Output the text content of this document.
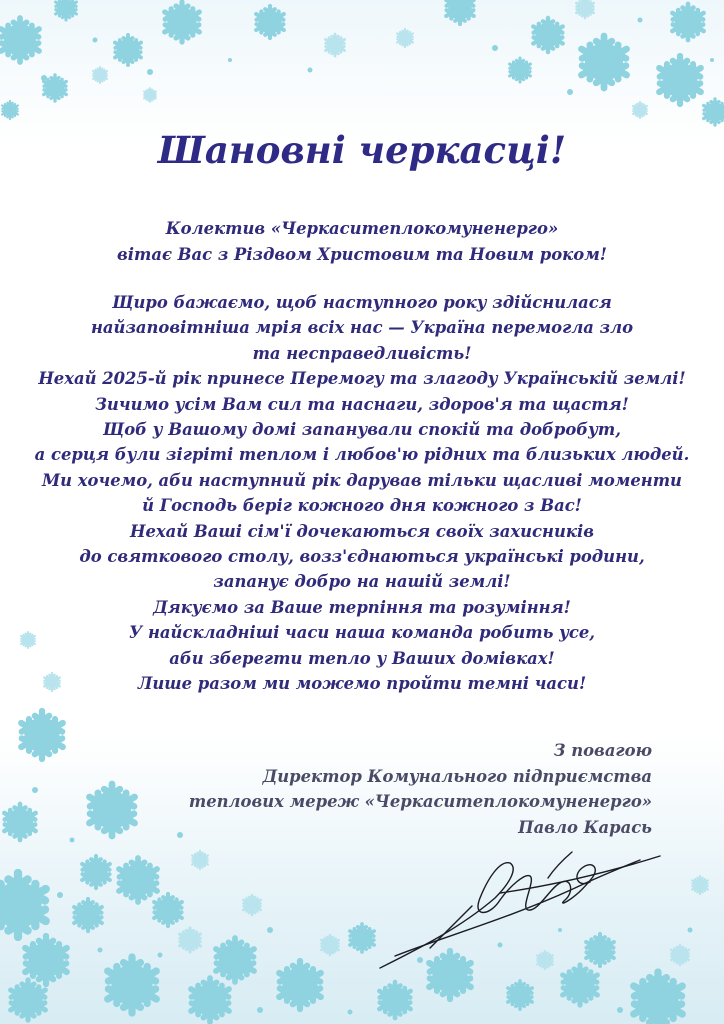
Шановні черкасці!
Колектив «Черкаситеплокомуненерго»
вітає Вас з Різдвом Христовим та Новим роком!
Щиро бажаємо, щоб наступного року здійснилася
найзаповітніша мрія всіх нас — Україна перемогла зло
та несправедливість!
Нехай 2025-й рік принесе Перемогу та злагоду Українській землі!
Зичимо усім Вам сил та наснаги, здоров'я та щастя!
Щоб у Вашому домі запанували спокій та добробут,
а серця були зігріті теплом і любов'ю рідних та близьких людей.
Ми хочемо, аби наступний рік дарував тільки щасливі моменти
й Господь беріг кожного дня кожного з Вас!
Нехай Ваші сім'ї дочекаються своїх захисників
до святкового столу, возз'єднаються українські родини,
запанує добро на нашій землі!
Дякуємо за Ваше терпіння та розуміння!
У найскладніші часи наша команда робить усе,
аби зберегти тепло у Ваших домівках!
Лише разом ми можемо пройти темні часи!
З повагою
Директор Комунального підприємства
теплових мереж «Черкаситеплокомуненерго»
Павло Карась
